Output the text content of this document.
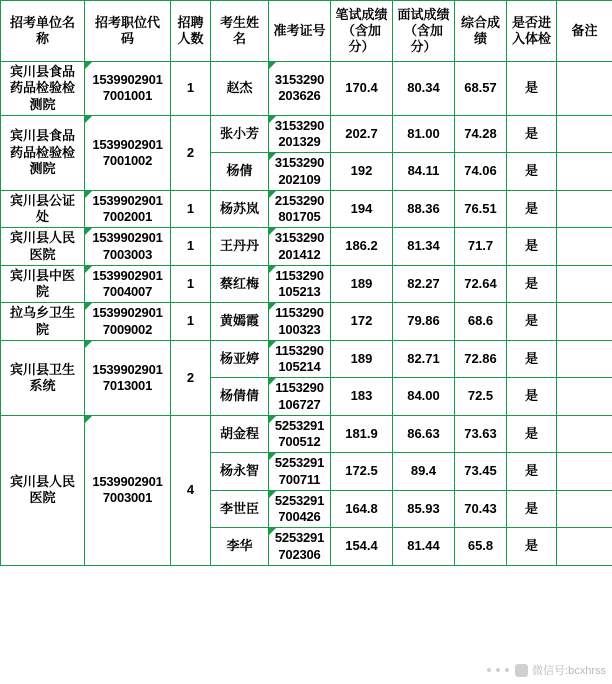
招考单位名称	招考职位代码	招聘人数	考生姓名	准考证号	笔试成绩（含加分）	面试成绩（含加分）	综合成绩	是否进入体检	备注
宾川县食品药品检验检测院	15399029017001001	1	赵杰	3153290203626	170.4	80.34	68.57	是	
宾川县食品药品检验检测院	15399029017001002	2	张小芳	3153290201329	202.7	81.00	74.28	是	
			杨倩	3153290202109	192	84.11	74.06	是	
宾川县公证处	15399029017002001	1	杨苏岚	2153290801705	194	88.36	76.51	是	
宾川县人民医院	15399029017003003	1	王丹丹	3153290201412	186.2	81.34	71.7	是	
宾川县中医院	15399029017004007	1	蔡红梅	1153290105213	189	82.27	72.64	是	
拉乌乡卫生院	15399029017009002	1	黄嫣霞	1153290100323	172	79.86	68.6	是	
宾川县卫生系统	15399029017013001	2	杨亚婷	1153290105214	189	82.71	72.86	是	
			杨倩倩	1153290106727	183	84.00	72.5	是	
宾川县人民医院	15399029017003001	4	胡金程	5253291700512	181.9	86.63	73.63	是	
			杨永智	5253291700711	172.5	89.4	73.45	是	
			李世臣	5253291700426	164.8	85.93	70.43	是	
			李华	5253291702306	154.4	81.44	65.8	是	
微信号:bcxhrss
